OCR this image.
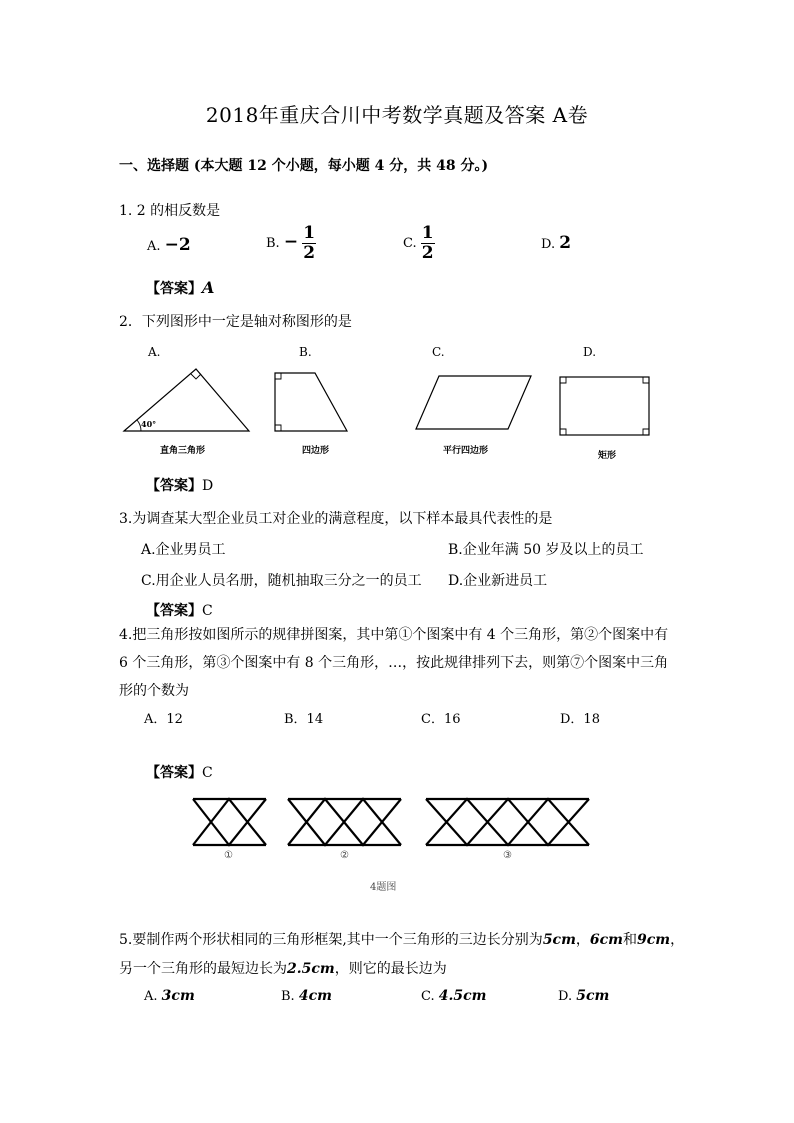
2018年重庆合川中考数学真题及答案 A卷
一、选择题 (本大题 12 个小题，每小题 4 分，共 48 分。)
1. 2 的相反数是
A. −2	B. − $\frac{1}{2}$	C. $\frac{1}{2}$	D. 2
【答案】A
2．下列图形中一定是轴对称图形的是
A.	B.	C.	D.
40°
直角三角形	四边形	平行四边形	矩形
【答案】D
3.为调查某大型企业员工对企业的满意程度，以下样本最具代表性的是
A.企业男员工	B.企业年满 50 岁及以上的员工
C.用企业人员名册，随机抽取三分之一的员工 D.企业新进员工
【答案】C
4.把三角形按如图所示的规律拼图案，其中第①个图案中有 4 个三角形，第②个图案中有
6 个三角形，第③个图案中有 8 个三角形，…，按此规律排列下去，则第⑦个图案中三角
形的个数为
A．12	B．14	C．16	D．18
【答案】C
①	②	③
4题图
5.要制作两个形状相同的三角形框架,其中一个三角形的三边长分别为5cm，6cm和9cm，
另一个三角形的最短边长为2.5cm，则它的最长边为
A. 3cm	B. 4cm	C. 4.5cm	D. 5cm
